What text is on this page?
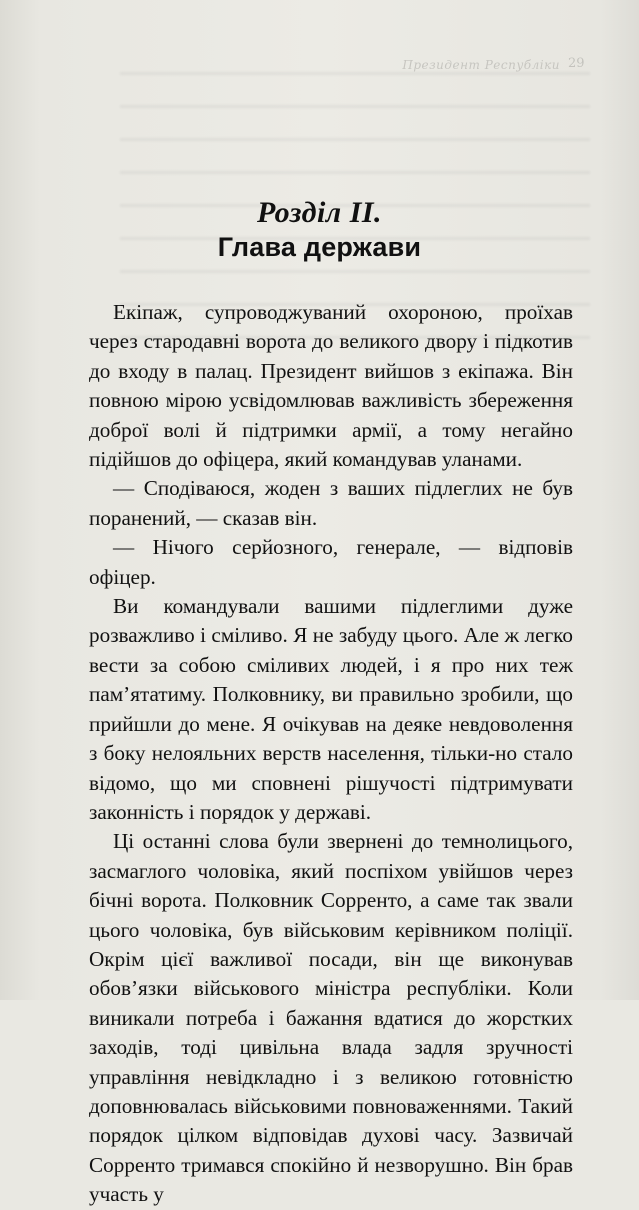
Президент Республіки 29
Розділ II.
Глава держави

Екіпаж, супроводжуваний охороною, проїхав через стародавні ворота до великого двору і підкотив до входу в палац. Президент вийшов з екіпажа. Він повною мірою усвідомлював важливість збереження доброї волі й підтримки армії, а тому негайно підійшов до офіцера, який командував уланами.

— Сподіваюся, жоден з ваших підлеглих не був поранений, — сказав він.

— Нічого серйозного, генерале, — відповів офіцер.

Ви командували вашими підлеглими дуже розважливо і сміливо. Я не забуду цього. Але ж легко вести за собою сміливих людей, і я про них теж пам’ятатиму. Полковнику, ви правильно зробили, що прийшли до мене. Я очікував на деяке невдоволення з боку нелояльних верств населення, тільки-но стало відомо, що ми сповнені рішучості підтримувати законність і порядок у державі.

Ці останні слова були звернені до темнолицього, засмаглого чоловіка, який поспіхом увійшов через бічні ворота. Полковник Сорренто, а саме так звали цього чоловіка, був військовим керівником поліції. Окрім цієї важливої посади, він ще виконував обов’язки військового міністра республіки. Коли виникали потреба і бажання вдатися до жорстких заходів, тоді цивільна влада задля зручності управління невідкладно і з великою готовністю доповнювалась військовими повноваженнями. Такий порядок цілком відповідав духові часу. Зазвичай Сорренто тримався спокійно й незворушно. Він брав участь у
